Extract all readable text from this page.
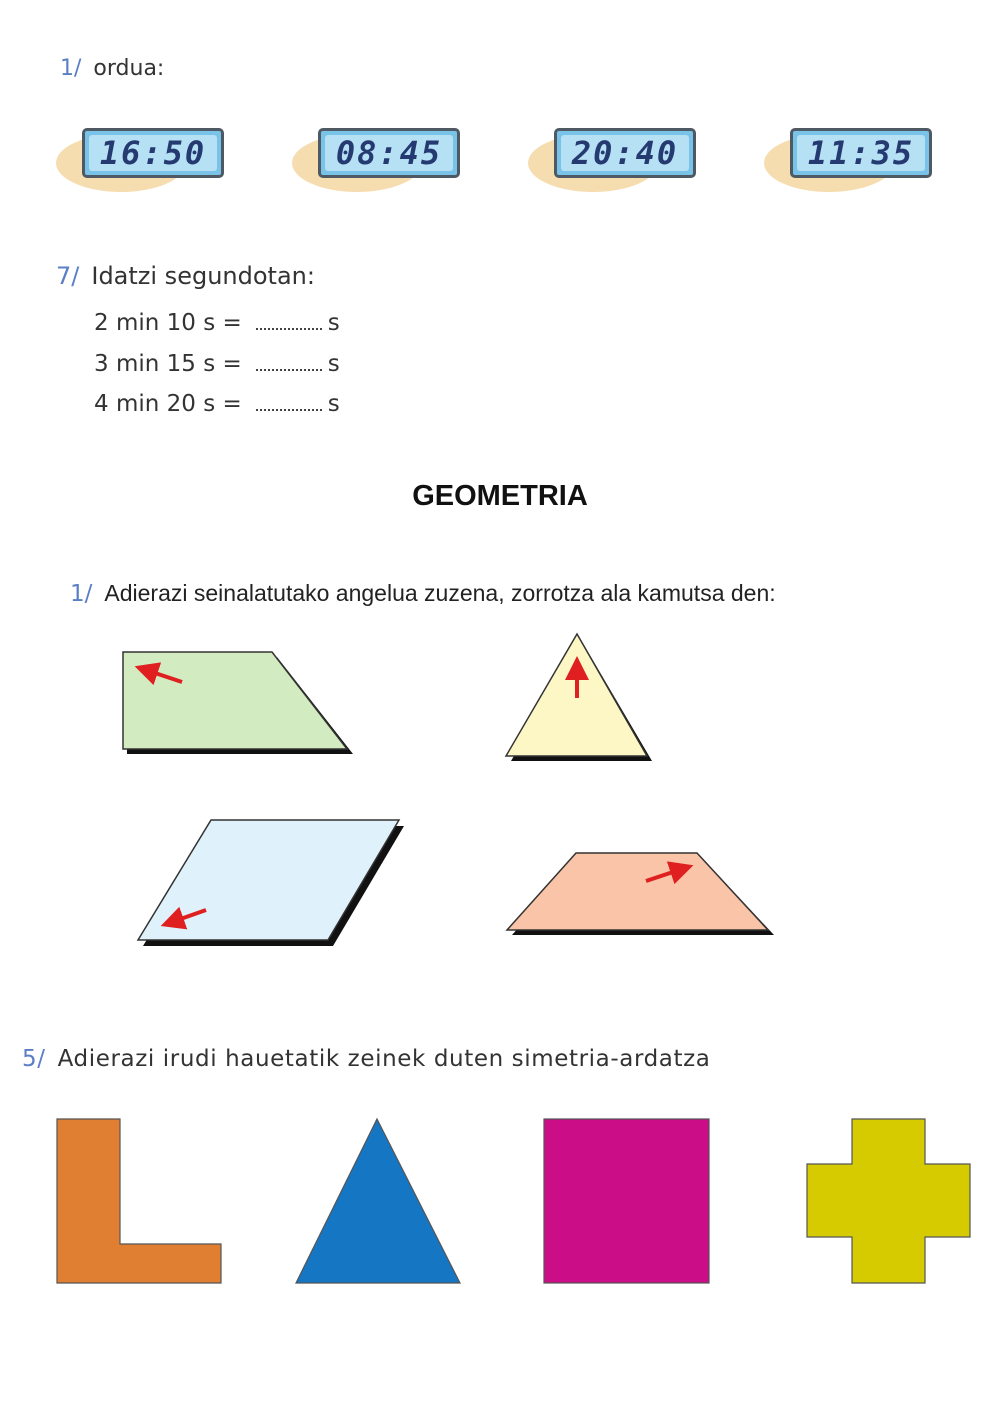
1/ ordua:
16:50	08:45	20:40	11:35
7/ Idatzi segundotan:
2 min 10 s =	s
3 min 15 s =	s
4 min 20 s =	s
GEOMETRIA
1/ Adierazi seinalatutako angelua zuzena, zorrotza ala kamutsa den:
5/ Adierazi irudi hauetatik zeinek duten simetria-ardatza
